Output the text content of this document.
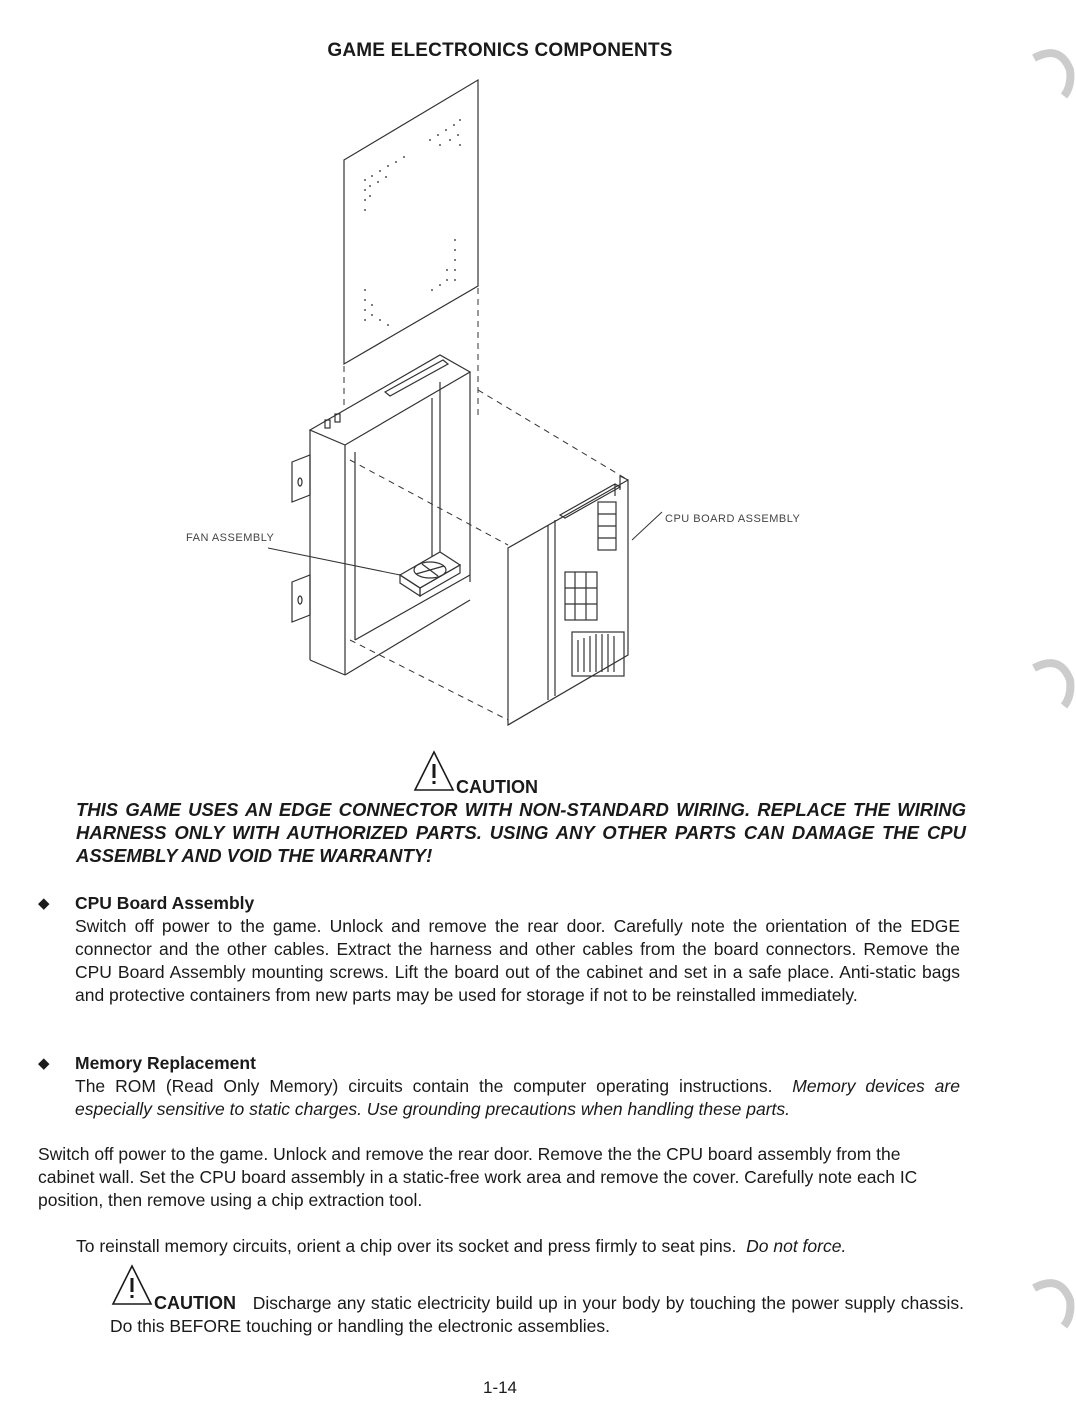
GAME ELECTRONICS COMPONENTS
FAN ASSEMBLY
CPU BOARD ASSEMBLY
CAUTION
THIS GAME USES AN EDGE CONNECTOR WITH NON-STANDARD WIRING. REPLACE THE WIRING HARNESS ONLY WITH AUTHORIZED PARTS. USING ANY OTHER PARTS CAN DAMAGE THE CPU ASSEMBLY AND VOID THE WARRANTY!
◆ CPU Board Assembly
Switch off power to the game. Unlock and remove the rear door. Carefully note the orientation of the EDGE connector and the other cables. Extract the harness and other cables from the board connectors. Remove the CPU Board Assembly mounting screws. Lift the board out of the cabinet and set in a safe place. Anti-static bags and protective containers from new parts may be used for storage if not to be reinstalled immediately.
◆ Memory Replacement
The ROM (Read Only Memory) circuits contain the computer operating instructions. Memory devices are especially sensitive to static charges. Use grounding precautions when handling these parts.
Switch off power to the game. Unlock and remove the rear door. Remove the the CPU board assembly from the cabinet wall. Set the CPU board assembly in a static-free work area and remove the cover. Carefully note each IC position, then remove using a chip extraction tool.
To reinstall memory circuits, orient a chip over its socket and press firmly to seat pins. Do not force.
CAUTION Discharge any static electricity build up in your body by touching the power supply chassis. Do this BEFORE touching or handling the electronic assemblies.
1-14
